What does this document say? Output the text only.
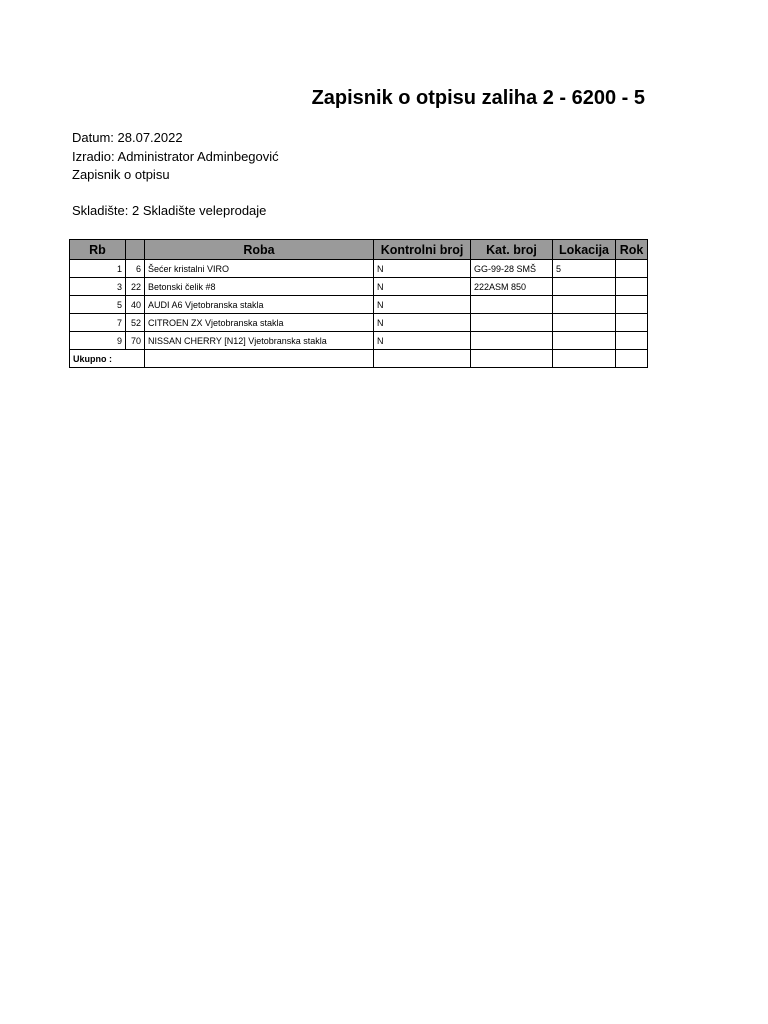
Zapisnik o otpisu zaliha 2 - 6200 - 5
Datum: 28.07.2022
Izradio: Administrator Adminbegović
Zapisnik o otpisu
Skladište: 2 Skladište veleprodaje
Rb		Roba	Kontrolni broj	Kat. broj	Lokacija	Rok
1	6	Šećer kristalni VIRO	N	GG-99-28 SMŠ	5	
3	22	Betonski čelik #8	N	222ASM 850		
5	40	AUDI A6 Vjetobranska stakla	N			
7	52	CITROEN ZX Vjetobranska stakla	N			
9	70	NISSAN CHERRY [N12] Vjetobranska stakla	N			
Ukupno :						
